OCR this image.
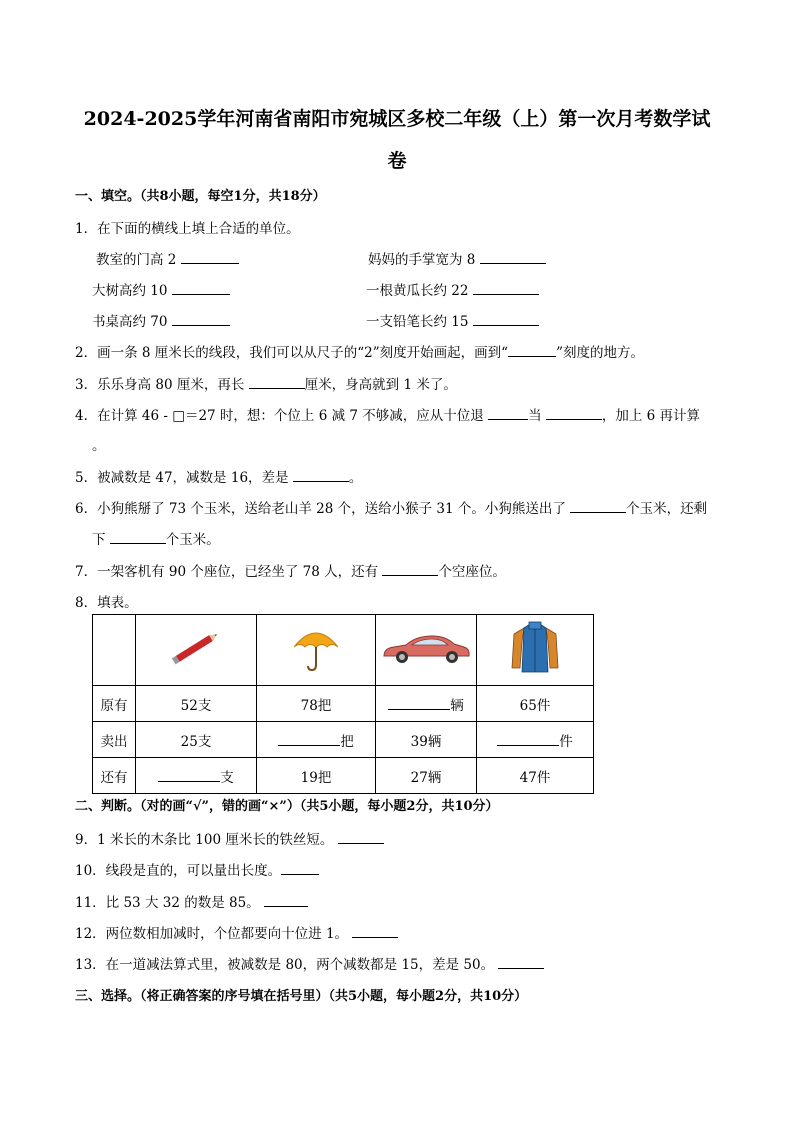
2024-2025学年河南省南阳市宛城区多校二年级（上）第一次月考数学试
卷
一、填空。（共8小题，每空1分，共18分）
1．在下面的横线上填上合适的单位。
教室的门高 2	妈妈的手掌宽为 8
大树高约 10	一根黄瓜长约 22
书桌高约 70	一支铅笔长约 15
2．画一条 8 厘米长的线段，我们可以从尺子的“2”刻度开始画起，画到“	”刻度的地方。
3．乐乐身高 80 厘米，再长	厘米，身高就到 1 米了。
4．在计算 46 - □＝27 时，想：个位上 6 减 7 不够减，应从十位退	当	，加上 6 再计算
。
5．被减数是 47，减数是 16，差是	。
6．小狗熊掰了 73 个玉米，送给老山羊 28 个，送给小猴子 31 个。小狗熊送出了	个玉米，还剩
下	个玉米。
7．一架客机有 90 个座位，已经坐了 78 人，还有	个空座位。
8．填表。

原有	52支	78把	辆	65件
卖出	25支	把	39辆	件
还有	支	19把	27辆	47件
二、判断。（对的画“√”，错的画“×”）（共5小题，每小题2分，共10分）
9．1 米长的木条比 100 厘米长的铁丝短。
10．线段是直的，可以量出长度。
11．比 53 大 32 的数是 85。
12．两位数相加减时，个位都要向十位进 1。
13．在一道减法算式里，被减数是 80，两个减数都是 15，差是 50。
三、选择。（将正确答案的序号填在括号里）（共5小题，每小题2分，共10分）
